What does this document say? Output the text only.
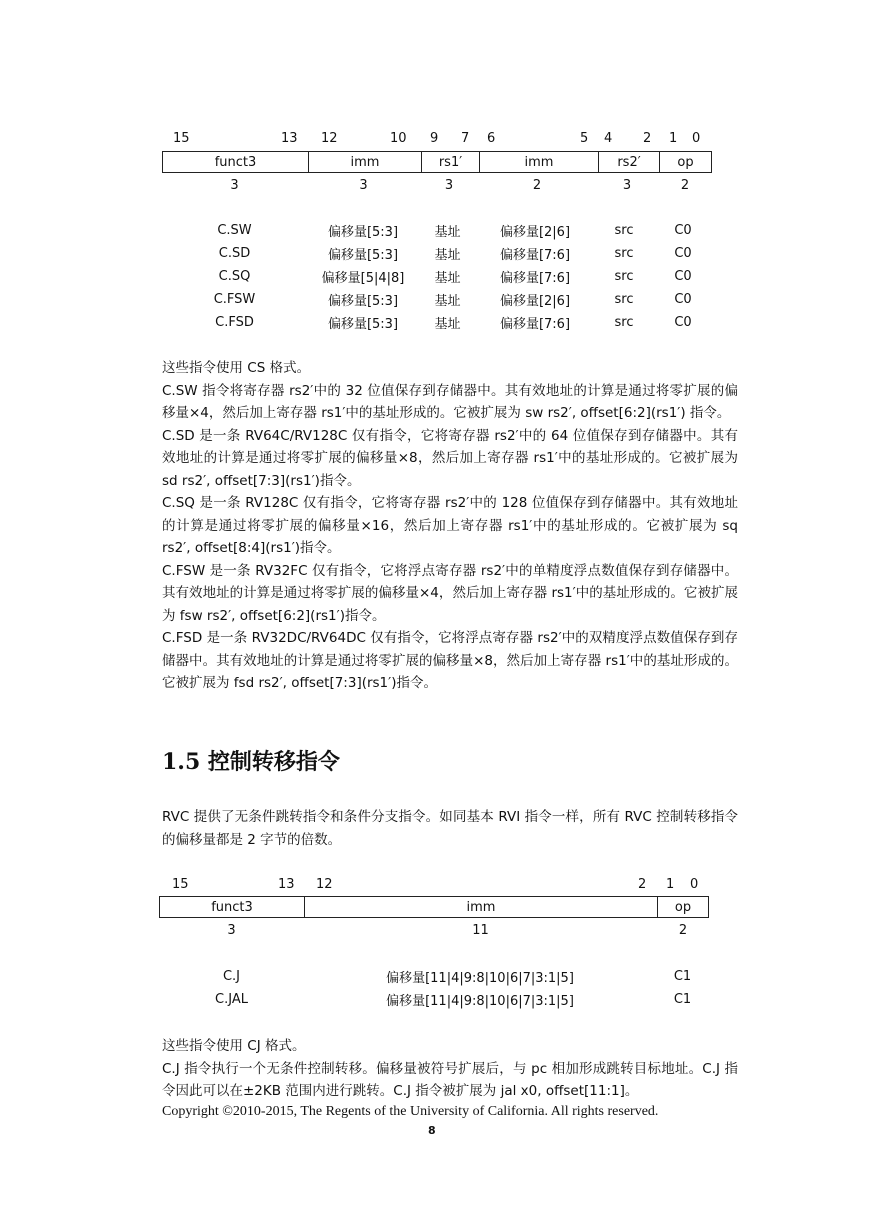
15	13 12	10 9 7 6	5 4 2 1 0
funct3	imm	rs1′	imm	rs2′	op
3	3	3	2	3	2
C.SW	偏移量[5:3]	基址	偏移量[2|6]	src	C0
C.SD	偏移量[5:3]	基址	偏移量[7:6]	src	C0
C.SQ	偏移量[5|4|8]	基址	偏移量[7:6]	src	C0
C.FSW	偏移量[5:3]	基址	偏移量[2|6]	src	C0
C.FSD	偏移量[5:3]	基址	偏移量[7:6]	src	C0

这些指令使用 CS 格式。

C.SW 指令将寄存器 rs2′中的 32 位值保存到存储器中。其有效地址的计算是通过将零扩展的偏移量×4，然后加上寄存器 rs1′中的基址形成的。它被扩展为 sw rs2′, offset[6:2](rs1′) 指令。

C.SD 是一条 RV64C/RV128C 仅有指令，它将寄存器 rs2′中的 64 位值保存到存储器中。其有效地址的计算是通过将零扩展的偏移量×8，然后加上寄存器 rs1′中的基址形成的。它被扩展为 sd rs2′, offset[7:3](rs1′)指令。

C.SQ 是一条 RV128C 仅有指令，它将寄存器 rs2′中的 128 位值保存到存储器中。其有效地址的计算是通过将零扩展的偏移量×16，然后加上寄存器 rs1′中的基址形成的。它被扩展为 sq rs2′, offset[8:4](rs1′)指令。

C.FSW 是一条 RV32FC 仅有指令，它将浮点寄存器 rs2′中的单精度浮点数值保存到存储器中。其有效地址的计算是通过将零扩展的偏移量×4，然后加上寄存器 rs1′中的基址形成的。它被扩展为 fsw rs2′, offset[6:2](rs1′)指令。

C.FSD 是一条 RV32DC/RV64DC 仅有指令，它将浮点寄存器 rs2′中的双精度浮点数值保存到存储器中。其有效地址的计算是通过将零扩展的偏移量×8，然后加上寄存器 rs1′中的基址形成的。它被扩展为 fsd rs2′, offset[7:3](rs1′)指令。

1.5 控制转移指令

RVC 提供了无条件跳转指令和条件分支指令。如同基本 RVI 指令一样，所有 RVC 控制转移指令的偏移量都是 2 字节的倍数。

15	13 12	2 1 0
funct3	imm	op
3	11	2
C.J	偏移量[11|4|9:8|10|6|7|3:1|5]	C1
C.JAL	偏移量[11|4|9:8|10|6|7|3:1|5]	C1

这些指令使用 CJ 格式。

C.J 指令执行一个无条件控制转移。偏移量被符号扩展后，与 pc 相加形成跳转目标地址。C.J 指令因此可以在±2KB 范围内进行跳转。C.J 指令被扩展为 jal x0, offset[11:1]。

Copyright ©2010-2015, The Regents of the University of California. All rights reserved.
8
